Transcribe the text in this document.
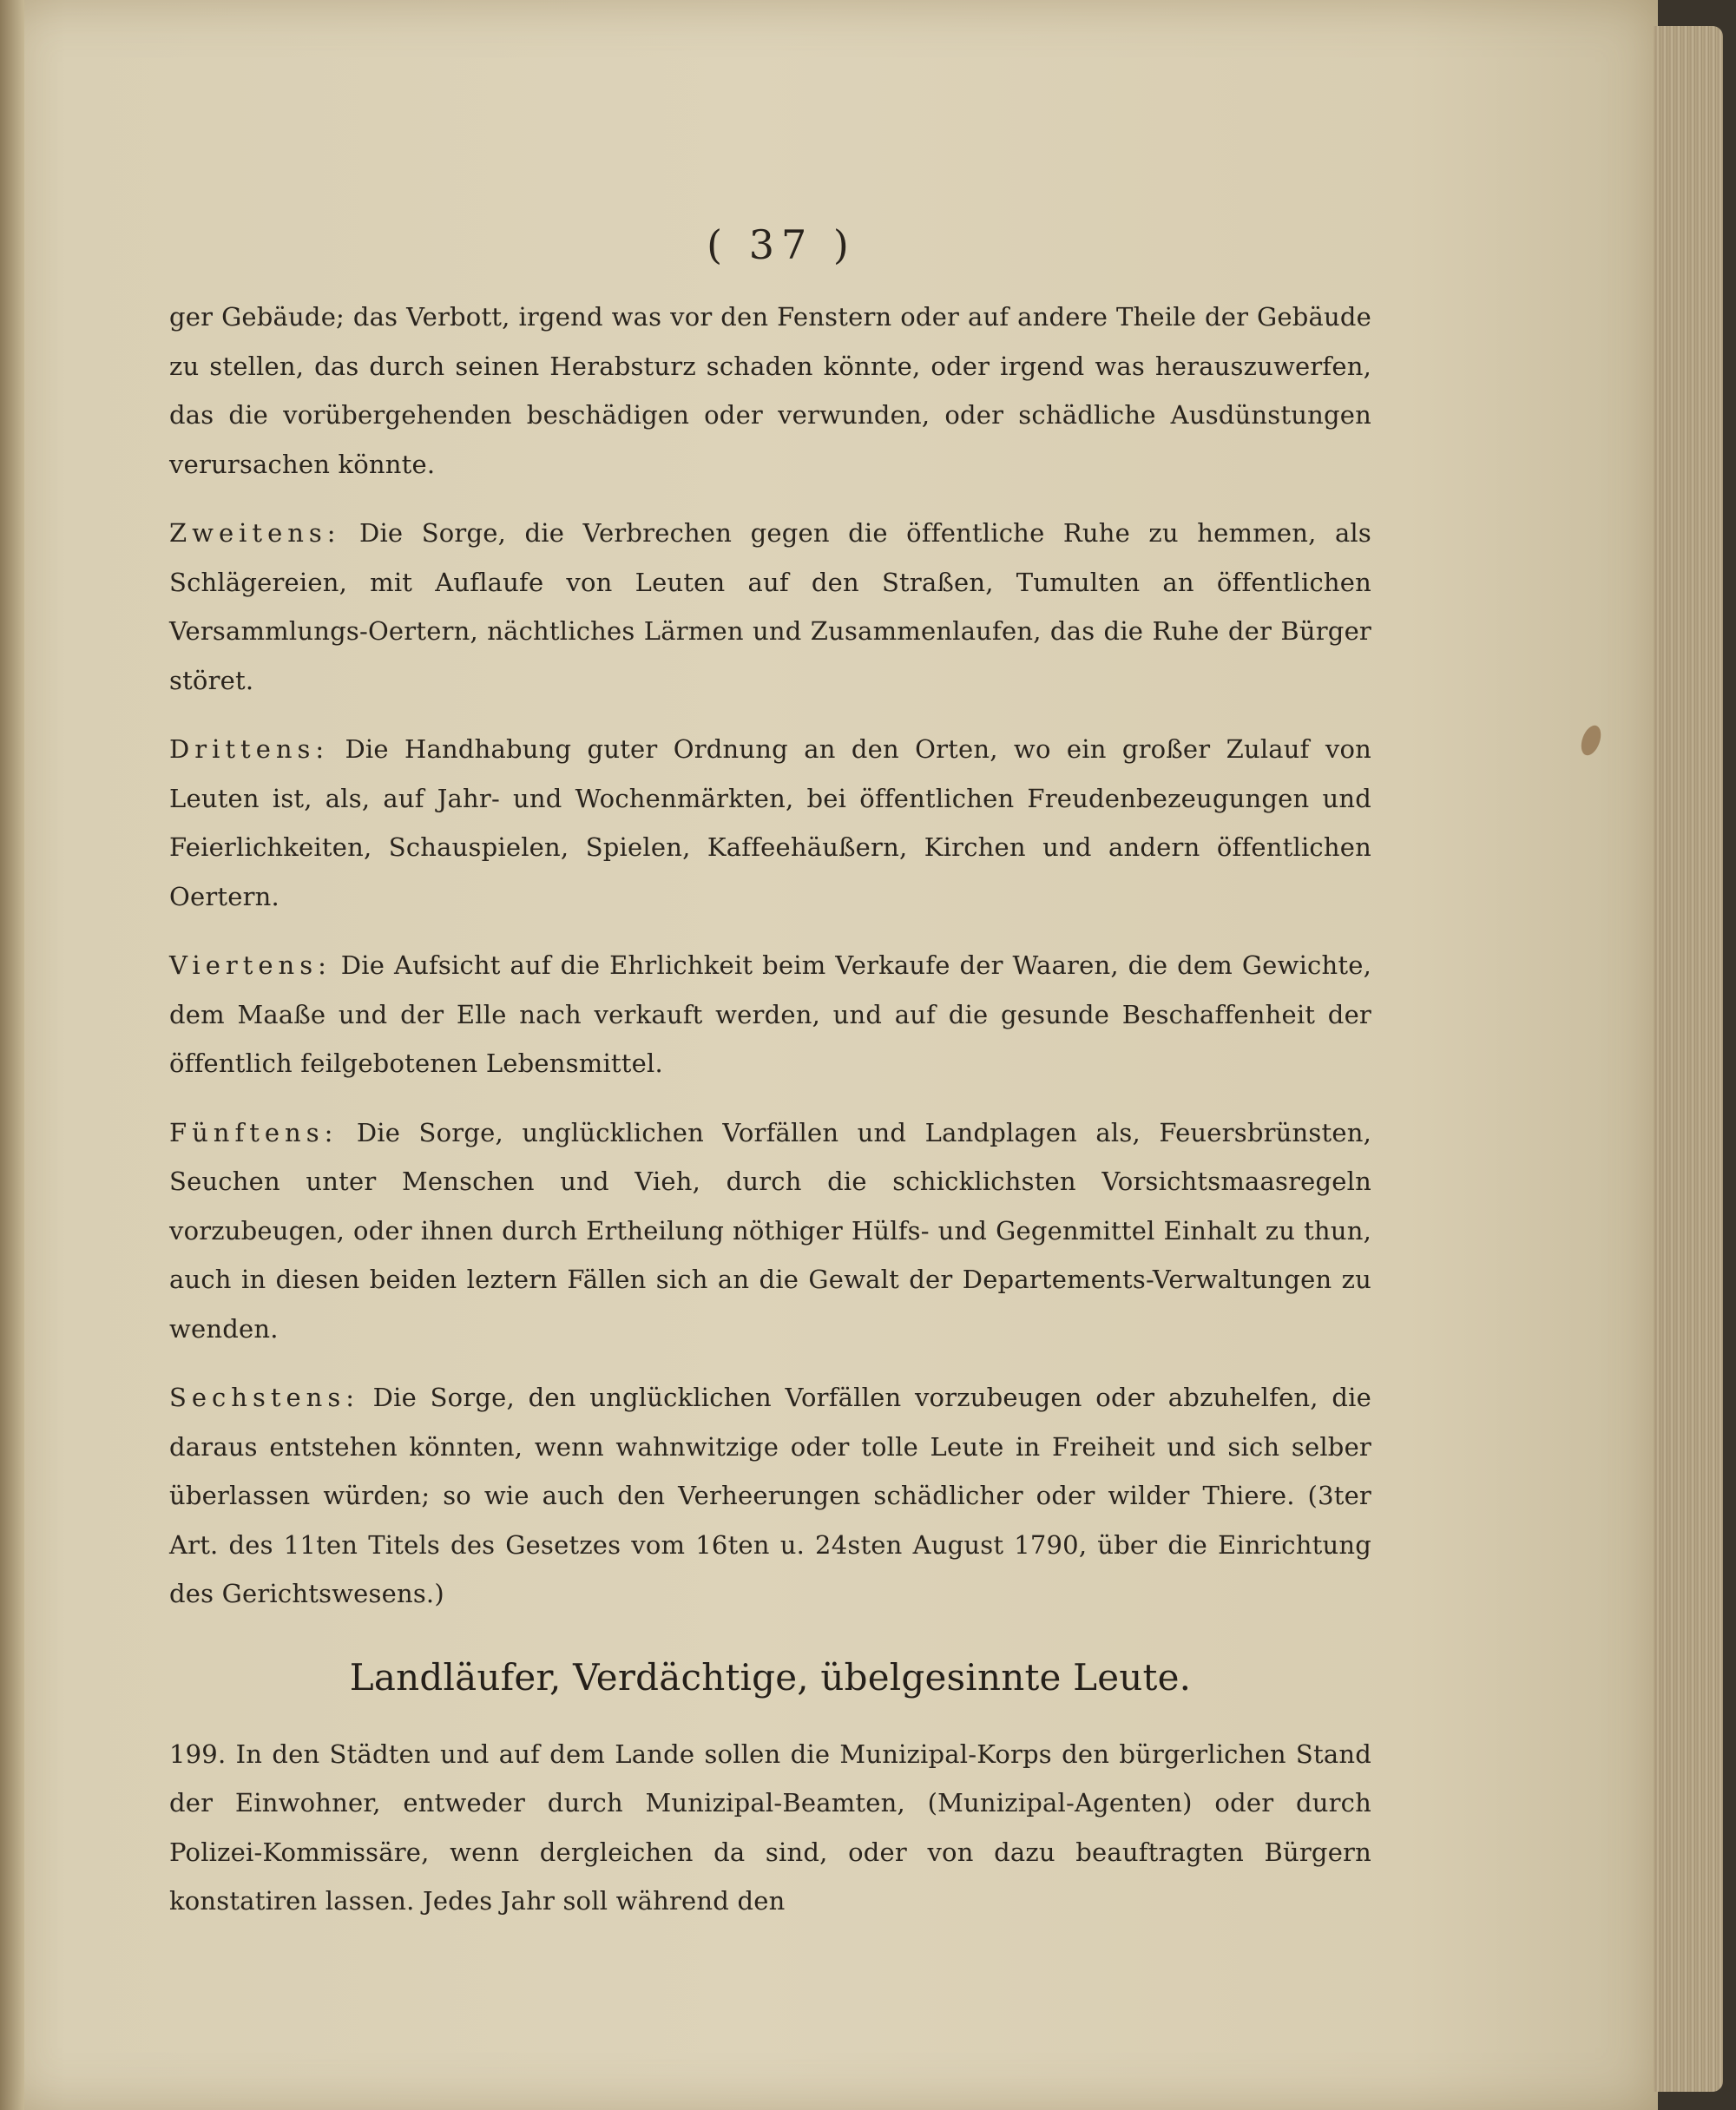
( 37 )

ger Gebäude; das Verbott, irgend was vor den Fenstern oder auf andere Theile der Gebäude zu stellen, das durch seinen Herabsturz schaden könnte, oder irgend was herauszuwerfen, das die vorübergehenden beschädigen oder verwunden, oder schädliche Ausdünstungen verursachen könnte.

Zweitens: Die Sorge, die Verbrechen gegen die öffentliche Ruhe zu hemmen, als Schlägereien, mit Auflaufe von Leuten auf den Straßen, Tumulten an öffentlichen Versammlungs-Oertern, nächtliches Lärmen und Zusammenlaufen, das die Ruhe der Bürger störet.

Drittens: Die Handhabung guter Ordnung an den Orten, wo ein großer Zulauf von Leuten ist, als, auf Jahr- und Wochenmärkten, bei öffentlichen Freudenbezeugungen und Feierlichkeiten, Schauspielen, Spielen, Kaffeehäußern, Kirchen und andern öffentlichen Oertern.

Viertens: Die Aufsicht auf die Ehrlichkeit beim Verkaufe der Waaren, die dem Gewichte, dem Maaße und der Elle nach verkauft werden, und auf die gesunde Beschaffenheit der öffentlich feilgebotenen Lebensmittel.

Fünftens: Die Sorge, unglücklichen Vorfällen und Landplagen als, Feuersbrünsten, Seuchen unter Menschen und Vieh, durch die schicklichsten Vorsichtsmaasregeln vorzubeugen, oder ihnen durch Ertheilung nöthiger Hülfs- und Gegenmittel Einhalt zu thun, auch in diesen beiden leztern Fällen sich an die Gewalt der Departements-Verwaltungen zu wenden.

Sechstens: Die Sorge, den unglücklichen Vorfällen vorzubeugen oder abzuhelfen, die daraus entstehen könnten, wenn wahnwitzige oder tolle Leute in Freiheit und sich selber überlassen würden; so wie auch den Verheerungen schädlicher oder wilder Thiere. (3ter Art. des 11ten Titels des Gesetzes vom 16ten u. 24sten August 1790, über die Einrichtung des Gerichtswesens.)

Landläufer, Verdächtige, übelgesinnte Leute.

199. In den Städten und auf dem Lande sollen die Munizipal-Korps den bürgerlichen Stand der Einwohner, entweder durch Munizipal-Beamten, (Munizipal-Agenten) oder durch Polizei-Kommissäre, wenn dergleichen da sind, oder von dazu beauftragten Bürgern konstatiren lassen. Jedes Jahr soll während den
